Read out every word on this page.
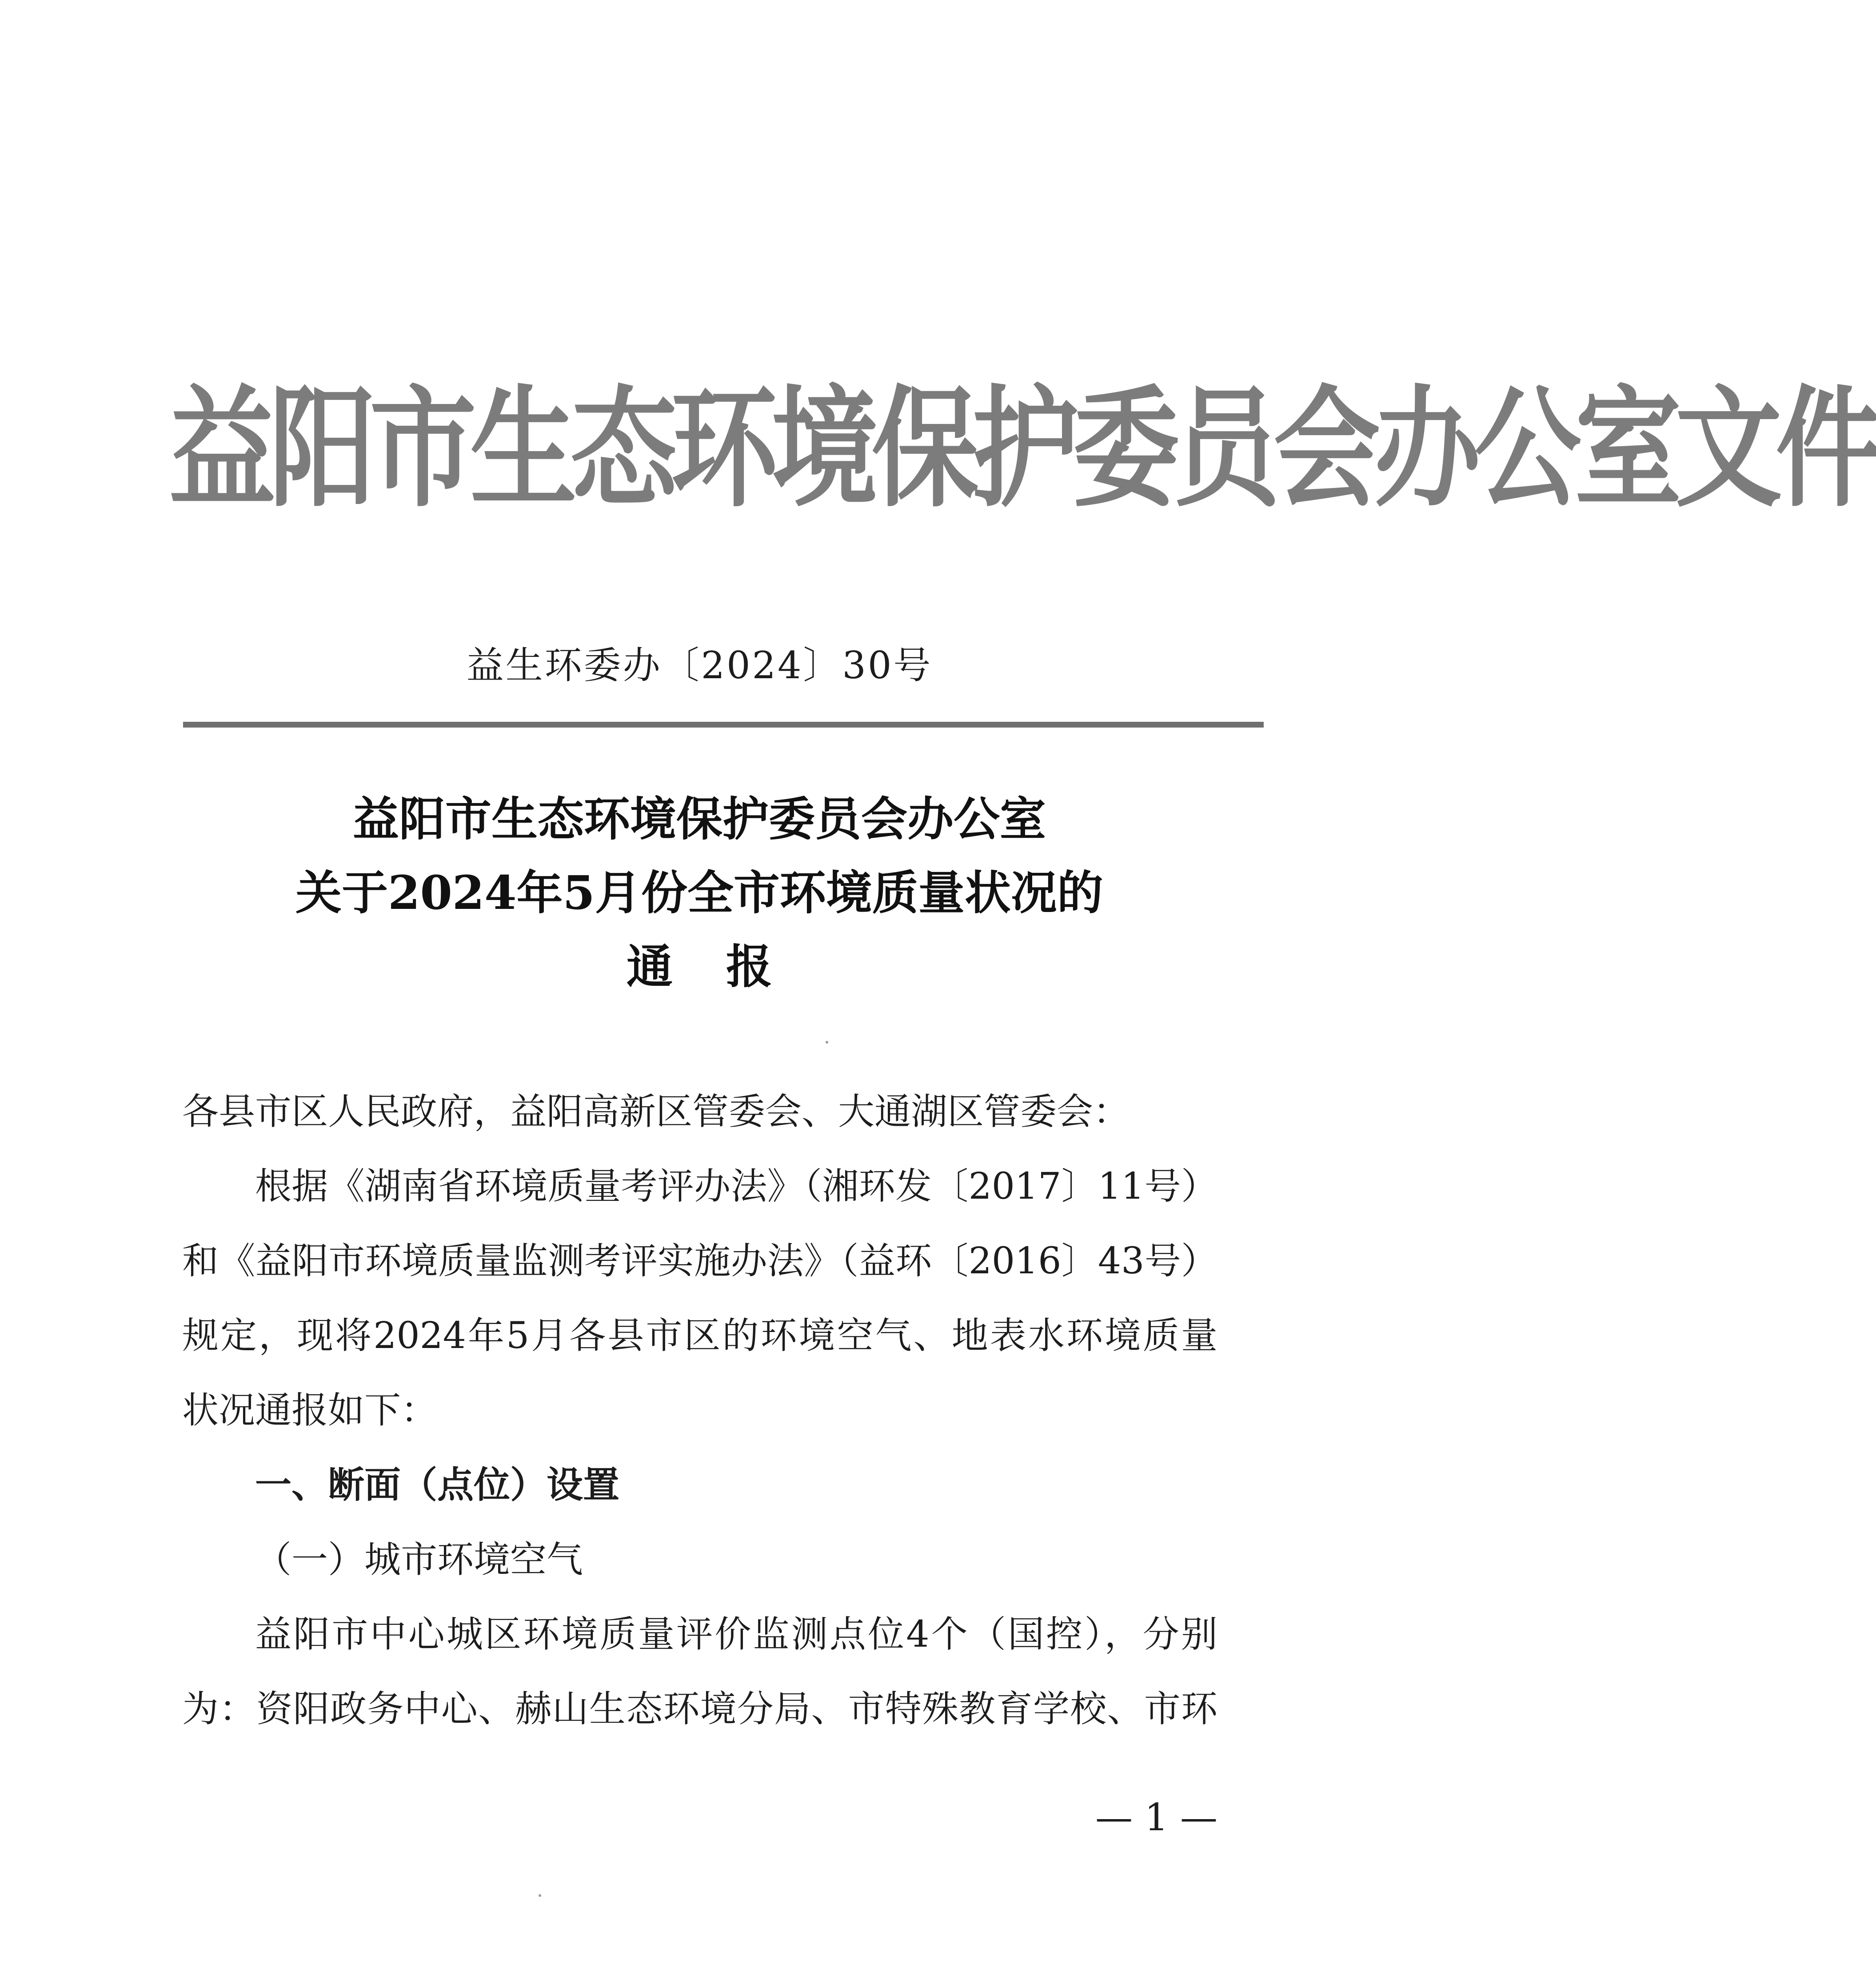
益 阳 市 生 态 环 境 保 护 委 员 会 办 公 室 文 件
益生环委办〔2024〕30号
益阳市生态环境保护委员会办公室
关于2024年5月份全市环境质量状况的
通报
各县市区人民政府，益阳高新区管委会、大通湖区管委会：
根据《湖南省环境质量考评办法》（湘环发〔2017〕11号）
和《益阳市环境质量监测考评实施办法》（益环〔2016〕43号）
规定，现将2024年5月各县市区的环境空气、地表水环境质量
状况通报如下：
一、断面（点位）设置
（一）城市环境空气
益阳市中心城区环境质量评价监测点位4个（国控），分别
为：资阳政务中心、赫山生态环境分局、市特殊教育学校、市环
— 1 —
